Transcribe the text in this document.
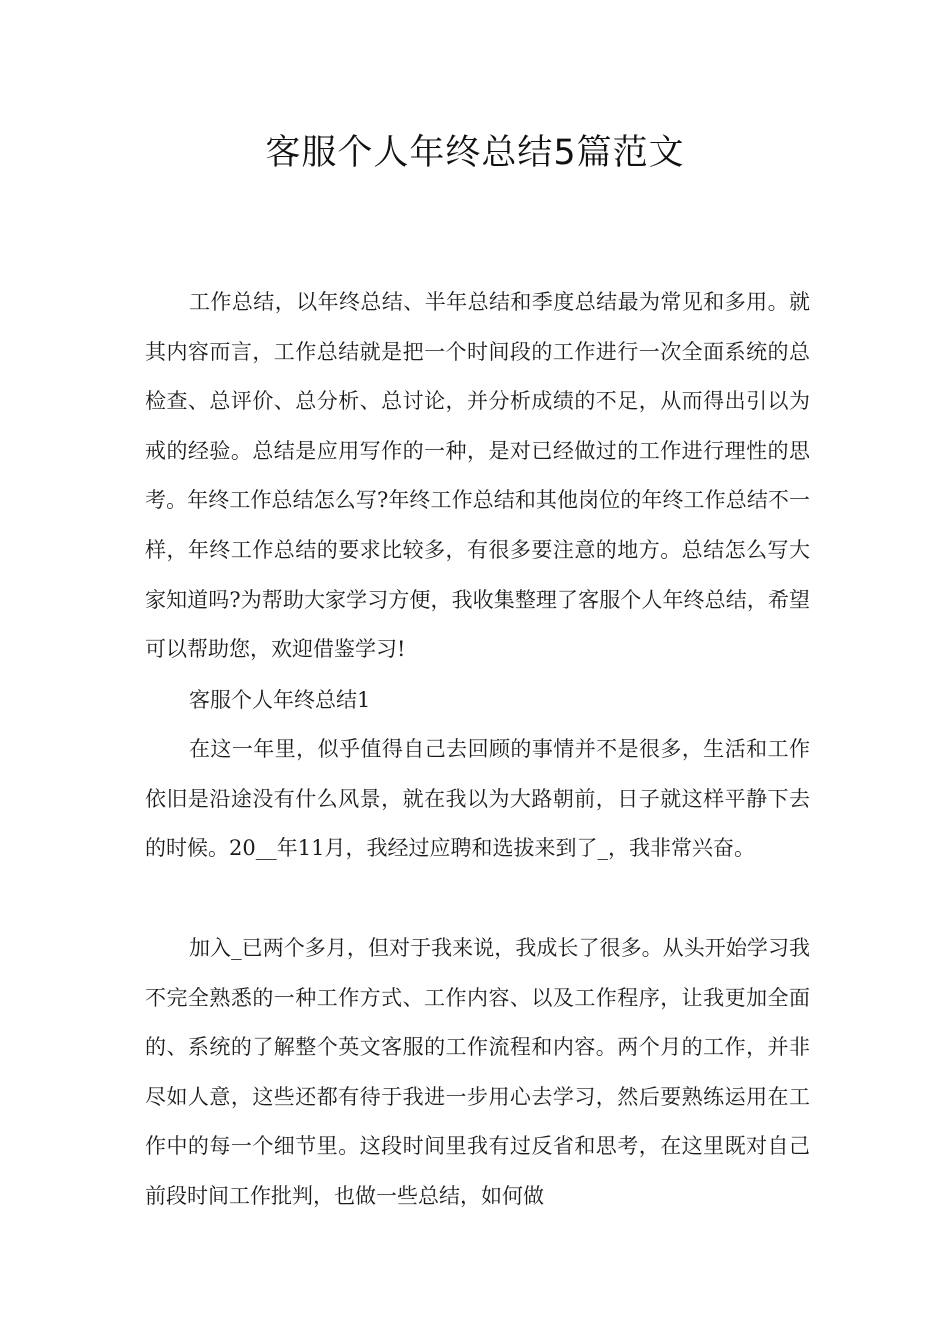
客服个人年终总结5篇范文

工作总结，以年终总结、半年总结和季度总结最为常见和多用。就其内容而言，工作总结就是把一个时间段的工作进行一次全面系统的总检查、总评价、总分析、总讨论，并分析成绩的不足，从而得出引以为戒的经验。总结是应用写作的一种，是对已经做过的工作进行理性的思考。年终工作总结怎么写?年终工作总结和其他岗位的年终工作总结不一样，年终工作总结的要求比较多，有很多要注意的地方。总结怎么写大家知道吗?为帮助大家学习方便，我收集整理了客服个人年终总结，希望可以帮助您，欢迎借鉴学习!

客服个人年终总结1

在这一年里，似乎值得自己去回顾的事情并不是很多，生活和工作依旧是沿途没有什么风景，就在我以为大路朝前，日子就这样平静下去的时候。20__年11月，我经过应聘和选拔来到了_，我非常兴奋。

加入_已两个多月，但对于我来说，我成长了很多。从头开始学习我不完全熟悉的一种工作方式、工作内容、以及工作程序，让我更加全面的、系统的了解整个英文客服的工作流程和内容。两个月的工作，并非尽如人意，这些还都有待于我进一步用心去学习，然后要熟练运用在工作中的每一个细节里。这段时间里我有过反省和思考，在这里既对自己前段时间工作批判，也做一些总结，如何做
